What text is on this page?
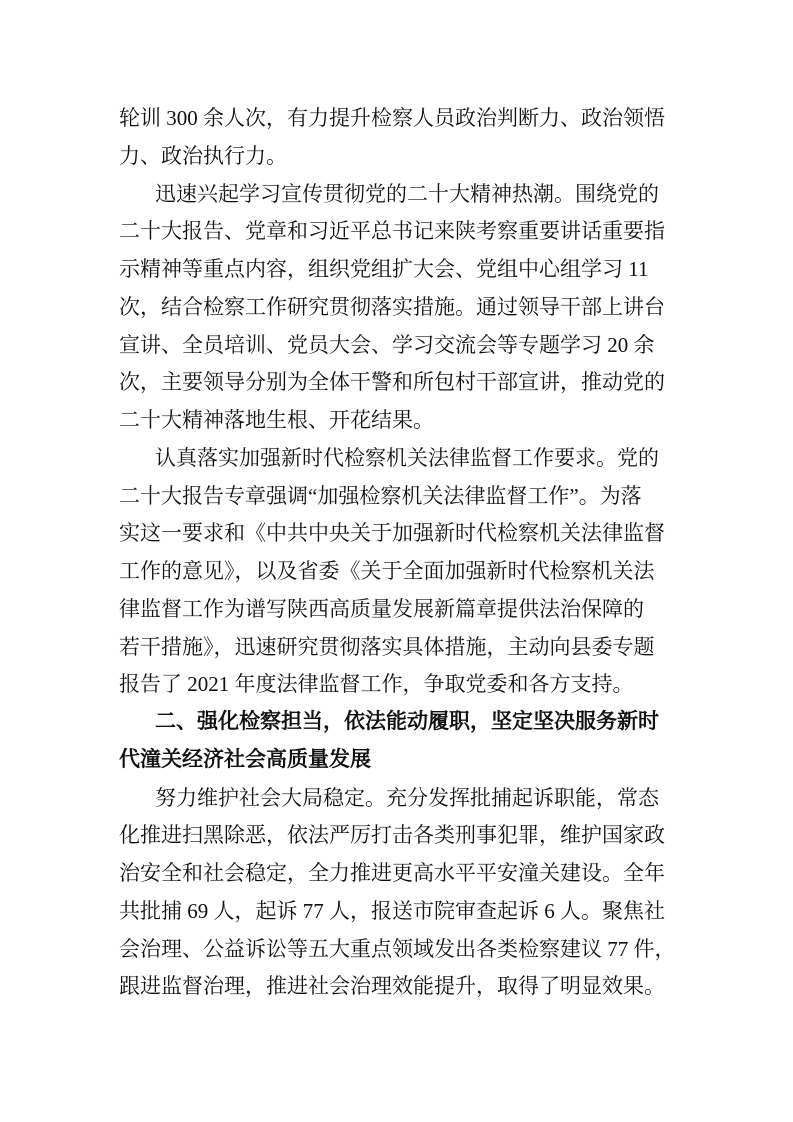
轮训 300 余人次，有力提升检察人员政治判断力、政治领悟
力、政治执行力。
迅速兴起学习宣传贯彻党的二十大精神热潮。围绕党的
二十大报告、党章和习近平总书记来陕考察重要讲话重要指
示精神等重点内容，组织党组扩大会、党组中心组学习 11
次，结合检察工作研究贯彻落实措施。通过领导干部上讲台
宣讲、全员培训、党员大会、学习交流会等专题学习 20 余
次，主要领导分别为全体干警和所包村干部宣讲，推动党的
二十大精神落地生根、开花结果。
认真落实加强新时代检察机关法律监督工作要求。党的
二十大报告专章强调“加强检察机关法律监督工作”。为落
实这一要求和《中共中央关于加强新时代检察机关法律监督
工作的意见》，以及省委《关于全面加强新时代检察机关法
律监督工作为谱写陕西高质量发展新篇章提供法治保障的
若干措施》，迅速研究贯彻落实具体措施，主动向县委专题
报告了 2021 年度法律监督工作，争取党委和各方支持。
二、强化检察担当，依法能动履职，坚定坚决服务新时
代潼关经济社会高质量发展
努力维护社会大局稳定。充分发挥批捕起诉职能，常态
化推进扫黑除恶，依法严厉打击各类刑事犯罪，维护国家政
治安全和社会稳定，全力推进更高水平平安潼关建设。全年
共批捕 69 人，起诉 77 人，报送市院审查起诉 6 人。聚焦社
会治理、公益诉讼等五大重点领域发出各类检察建议 77 件，
跟进监督治理，推进社会治理效能提升，取得了明显效果。
